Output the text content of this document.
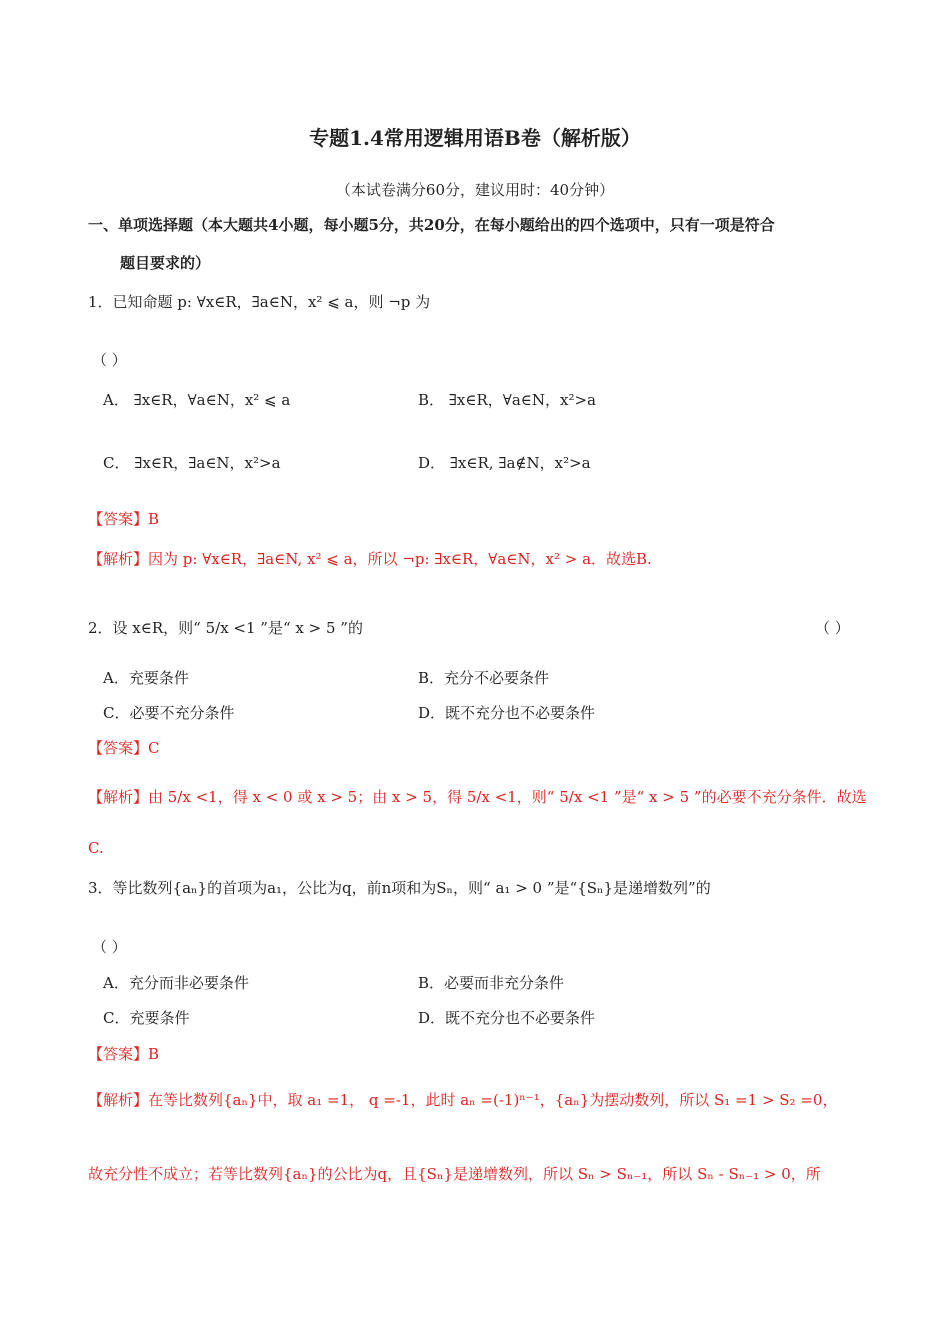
专题1.4常用逻辑用语B卷（解析版）
（本试卷满分60分，建议用时：40分钟）
一、单项选择题（本大题共4小题，每小题5分，共20分，在每小题给出的四个选项中，只有一项是符合
题目要求的）
1．已知命题 p: ∀x∈R，∃a∈N，x² ⩽ a，则 ¬p 为
（ ）
A． ∃x∈R，∀a∈N，x² ⩽ a	B． ∃x∈R，∀a∈N，x²>a
C． ∃x∈R，∃a∈N，x²>a	D． ∃x∈R, ∃a∉N，x²>a
【答案】B
【解析】因为 p: ∀x∈R，∃a∈N, x² ⩽ a，所以 ¬p: ∃x∈R，∀a∈N，x² > a．故选B.
2．设 x∈R，则“ 5/x <1 ”是“ x > 5 ”的	（ ）
A．充要条件	B．充分不必要条件
C．必要不充分条件	D．既不充分也不必要条件
【答案】C
【解析】由 5/x <1，得 x < 0 或 x > 5；由 x > 5，得 5/x <1，则“ 5/x <1 ”是“ x > 5 ”的必要不充分条件．故选
C.
3．等比数列{aₙ}的首项为a₁，公比为q，前n项和为Sₙ，则“ a₁ > 0 ”是“{Sₙ}是递增数列”的
（ ）
A．充分而非必要条件	B．必要而非充分条件
C．充要条件	D．既不充分也不必要条件
【答案】B
【解析】在等比数列{aₙ}中，取 a₁ =1， q =-1，此时 aₙ =(-1)ⁿ⁻¹，{aₙ}为摆动数列，所以 S₁ =1 > S₂ =0，
故充分性不成立；若等比数列{aₙ}的公比为q，且{Sₙ}是递增数列，所以 Sₙ > Sₙ₋₁，所以 Sₙ - Sₙ₋₁ > 0，所
